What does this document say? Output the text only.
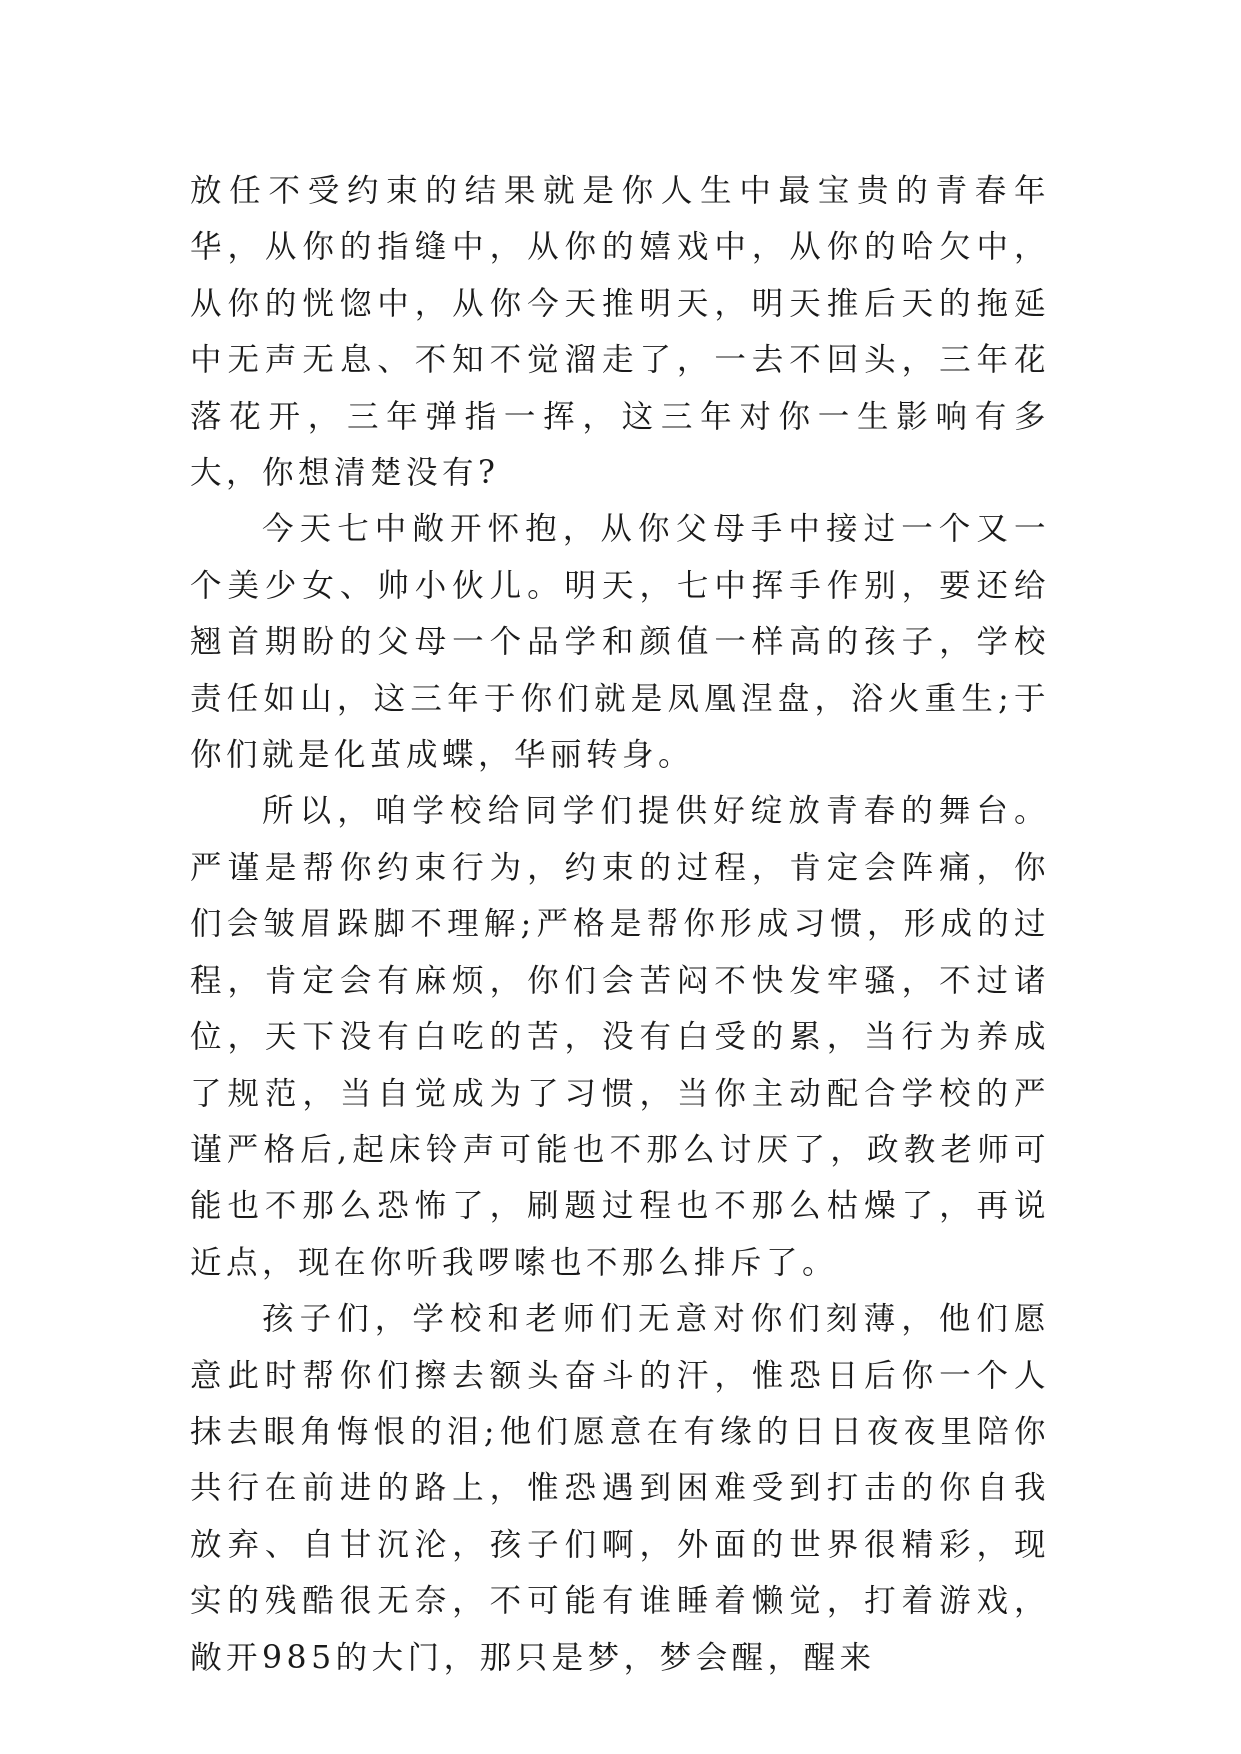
放任不受约束的结果就是你人生中最宝贵的青春年华，从你的指缝中，从你的嬉戏中，从你的哈欠中，从你的恍惚中，从你今天推明天，明天推后天的拖延中无声无息、不知不觉溜走了，一去不回头，三年花落花开，三年弹指一挥，这三年对你一生影响有多大，你想清楚没有?

今天七中敞开怀抱，从你父母手中接过一个又一个美少女、帅小伙儿。明天，七中挥手作别，要还给翘首期盼的父母一个品学和颜值一样高的孩子，学校责任如山，这三年于你们就是凤凰涅盘，浴火重生;于你们就是化茧成蝶，华丽转身。

所以，咱学校给同学们提供好绽放青春的舞台。严谨是帮你约束行为，约束的过程，肯定会阵痛，你们会皱眉跺脚不理解;严格是帮你形成习惯，形成的过程，肯定会有麻烦，你们会苦闷不快发牢骚，不过诸位，天下没有白吃的苦，没有白受的累，当行为养成了规范，当自觉成为了习惯，当你主动配合学校的严谨严格后,起床铃声可能也不那么讨厌了，政教老师可能也不那么恐怖了，刷题过程也不那么枯燥了，再说近点，现在你听我啰嗦也不那么排斥了。

孩子们，学校和老师们无意对你们刻薄，他们愿意此时帮你们擦去额头奋斗的汗，惟恐日后你一个人抹去眼角悔恨的泪;他们愿意在有缘的日日夜夜里陪你共行在前进的路上，惟恐遇到困难受到打击的你自我放弃、自甘沉沦，孩子们啊，外面的世界很精彩，现实的残酷很无奈，不可能有谁睡着懒觉，打着游戏，敞开985的大门，那只是梦，梦会醒，醒来
